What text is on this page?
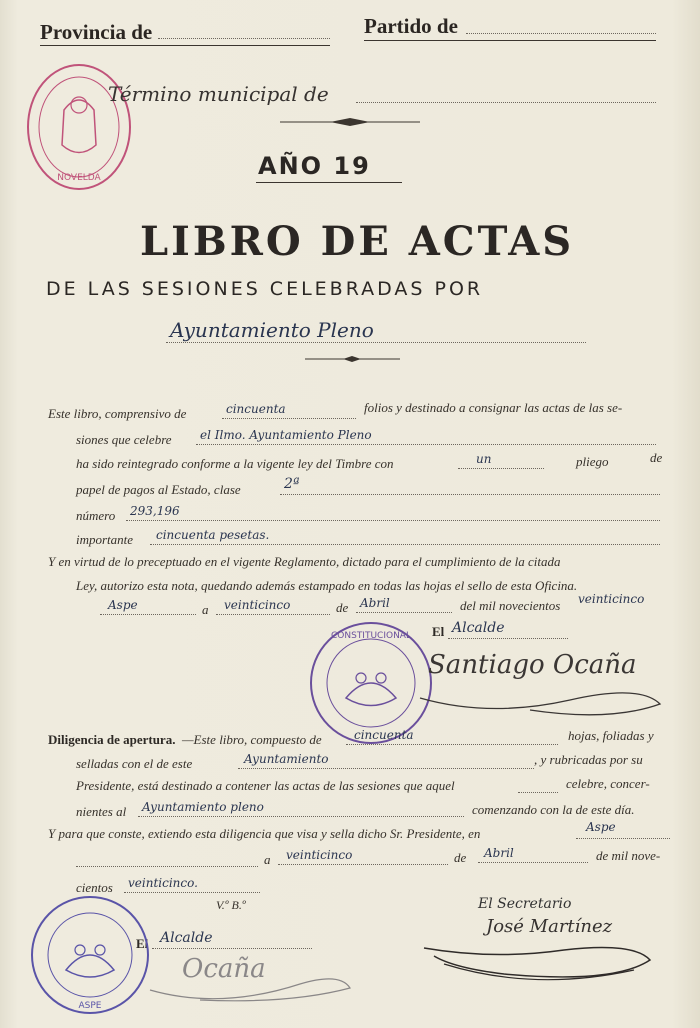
Provincia de	Partido de
NOVELDA
Término municipal de
AÑO 19
LIBRO DE ACTAS
DE LAS SESIONES CELEBRADAS POR
Ayuntamiento Pleno
Este libro, comprensivo de	cincuenta	folios y destinado a consignar las actas de las se-
siones que celebre el Ilmo. Ayuntamiento Pleno
ha sido reintegrado conforme a la vigente ley del Timbre con	un	pliego	de
papel de pagos al Estado, clase	2ª
número 293,196
importante cincuenta pesetas.
Y en virtud de lo preceptuado en el vigente Reglamento, dictado para el cumplimiento de la citada
Ley, autorizo esta nota, quedando además estampado en todas las hojas el sello de esta Oficina.
Aspe	a veinticinco	de Abril	del mil novecientos veinticinco
El Alcalde
CONSTITUCIONAL
Santiago Ocaña
Diligencia de apertura. —Este libro, compuesto de	cincuenta	hojas, foliadas y
selladas con el de este	Ayuntamiento	, y rubricadas por su
Presidente, está destinado a contener las actas de las sesiones que aquel	celebre, concer-
nientes al Ayuntamiento pleno	comenzando con la de este día.
Y para que conste, extiendo esta diligencia que visa y sella dicho Sr. Presidente, en	Aspe
a veinticinco	de Abril	de mil nove-
cientos veinticinco.
V.º B.º	El Secretario
José Martínez
El Alcalde
Ocaña
ASPE
